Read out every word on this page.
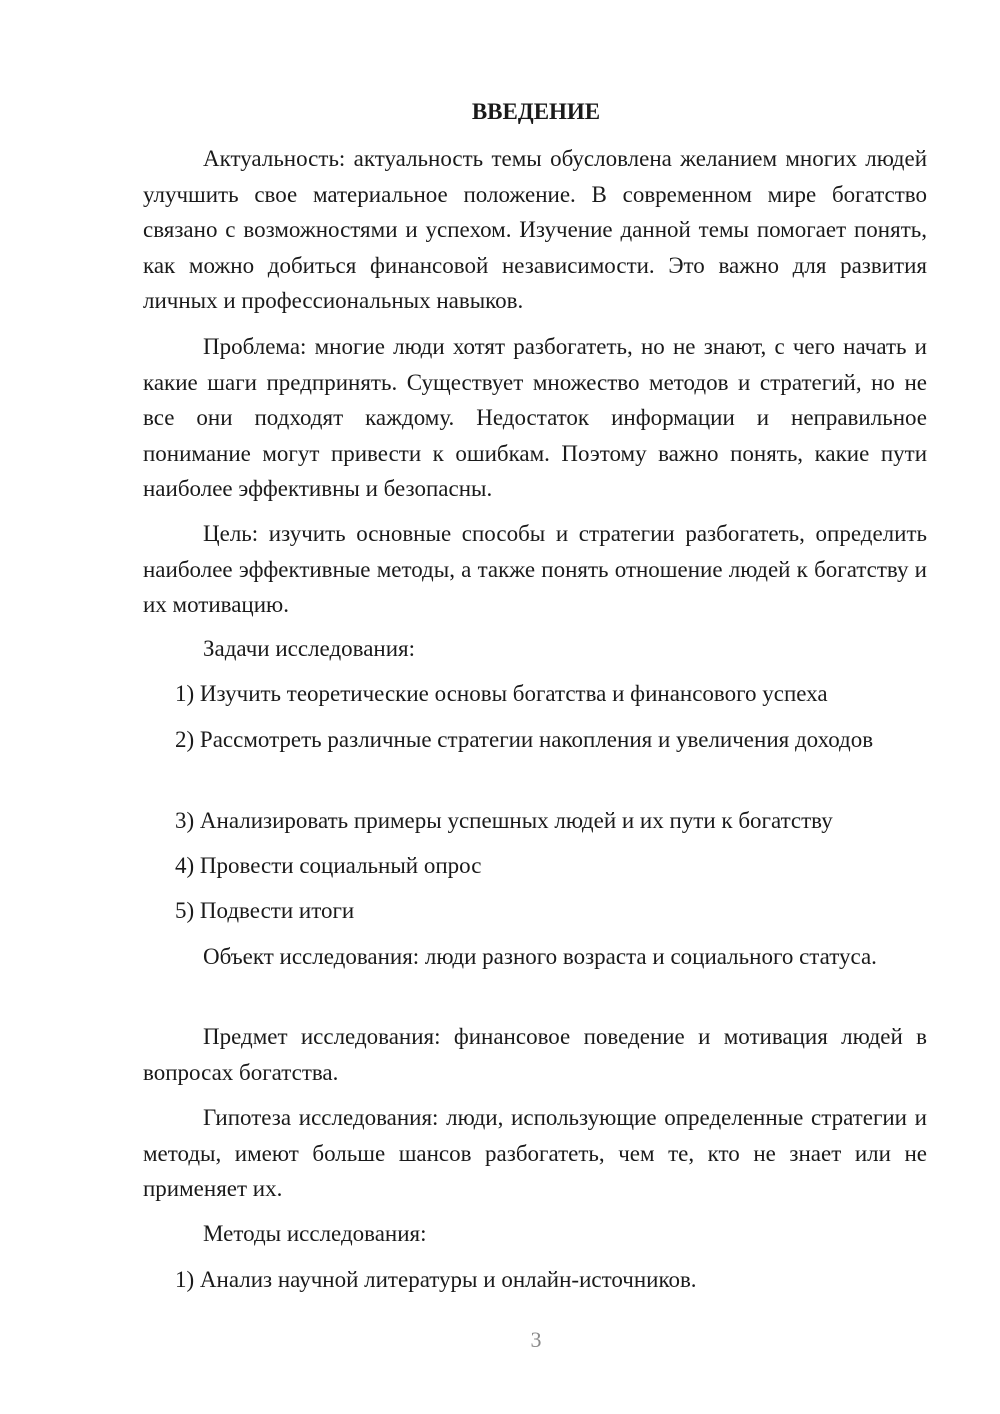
ВВЕДЕНИЕ

Актуальность: актуальность темы обусловлена желанием многих людей улучшить свое материальное положение. В современном мире богатство связано с возможностями и успехом. Изучение данной темы помогает понять, как можно добиться финансовой независимости. Это важно для развития личных и профессиональных навыков.

Проблема: многие люди хотят разбогатеть, но не знают, с чего начать и какие шаги предпринять. Существует множество методов и стратегий, но не все они подходят каждому. Недостаток информации и неправильное понимание могут привести к ошибкам. Поэтому важно понять, какие пути наиболее эффективны и безопасны.

Цель: изучить основные способы и стратегии разбогатеть, определить наиболее эффективные методы, а также понять отношение людей к богатству и их мотивацию.

Задачи исследования:

1) Изучить теоретические основы богатства и финансового успеха

2) Рассмотреть различные стратегии накопления и увеличения доходов

3) Анализировать примеры успешных людей и их пути к богатству

4) Провести социальный опрос

5) Подвести итоги

Объект исследования: люди разного возраста и социального статуса.

Предмет исследования: финансовое поведение и мотивация людей в вопросах богатства.

Гипотеза исследования: люди, использующие определенные стратегии и методы, имеют больше шансов разбогатеть, чем те, кто не знает или не применяет их.

Методы исследования:

1) Анализ научной литературы и онлайн-источников.

3
